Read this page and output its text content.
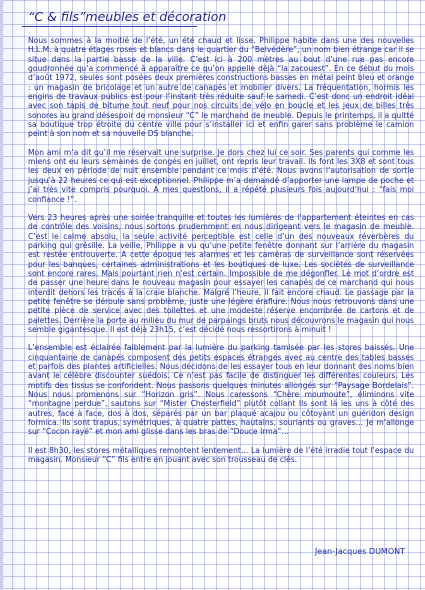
“C & fils”meubles et décoration

Nous sommes à la moitié de l’été, un été chaud et lisse. Philippe habite dans une des nouvelles H.L.M. à quatre étages roses et blancs dans le quartier du “Belvédère”, un nom bien étrange car il se situe dans la partie basse de la ville. C’est ici à 200 mètres au bout d’une rue pas encore goudronnée qu’a commencé à apparaître ce qu’on appelle déjà “la zacouest”. En ce début du mois d’août 1972, seules sont posées deux premières constructions basses en métal peint bleu et orange : un magasin de bricolage et un autre de canapés et mobilier divers. La fréquentation, hormis les engins de travaux publics est pour l’instant très réduite sauf le samedi. C’est donc un endroit idéal avec son tapis de bitume tout neuf pour nos circuits de vélo en boucle et les jeux de billes très sonores au grand désespoir de monsieur “C” le marchand de meuble. Depuis le printemps, il a quitté sa boutique trop étroite du centre ville pour s’installer ici et enfin garer sans problème le camion peint à son nom et sa nouvelle DS blanche.

Mon ami m’a dit qu’il me réservait une surprise. Je dors chez lui ce soir. Ses parents qui comme les miens ont eu leurs semaines de congés en juillet, ont repris leur travail. Ils font les 3X8 et sont tous les deux en période de nuit ensemble pendant ce mois d’été. Nous avons l’autorisation de sortie jusqu’à 22 heures ce qui est exceptionnel. Philippe m’a demandé d’apporter une lampe de poche et j’ai très vite compris pourquoi. A mes questions, il a répété plusieurs fois aujourd’hui : “fais moi confiance !”.

Vers 23 heures après une soirée tranquille et toutes les lumières de l’appartement éteintes en cas de contrôle des voisins, nous sortons prudemment en nous dirigeant vers le magasin de meuble. C’est le calme absolu, la seule activité perceptible est celle d’un des nouveaux réverbères du parking qui grésille. La veille, Philippe a vu qu’une petite fenêtre donnant sur l’arrière du magasin est restée entrouverte. A cette époque les alarmes et les caméras de surveillance sont réservées pour les banques, certaines administrations et les boutiques de luxe. Les sociétés de surveillance sont encore rares. Mais pourtant rien n’est certain. Impossible de me dégonfler. Le mot d’ordre est de passer une heure dans le nouveau magasin pour essayer les canapés de ce marchand qui nous interdit dehors les tracés à la craie blanche. Malgré l’heure, il fait encore chaud. Le passage par la petite fenêtre se déroule sans problème, juste une légère éraflure. Nous nous retrouvons dans une petite pièce de service avec des toilettes et une modeste réserve encombrée de cartons et de palettes. Derrière la porte au milieu du mur de parpaings bruts nous découvrons le magasin qui nous semble gigantesque. Il est déjà 23h15, c’est décidé nous ressortirons à minuit !

L’ensemble est éclairée faiblement par la lumière du parking tamisée par les stores baissés. Une cinquantaine de canapés composent des petits espaces étranges avec au centre des tables basses et parfois des plantes artificielles. Nous décidons de les essayer tous en leur donnant des noms bien avant le célèbre discounter suédois. Ce n’est pas facile de distinguer les différentes couleurs. Les motifs des tissus se confondent. Nous passons quelques minutes allongés sur “Paysage Bordelais”. Nous nous promenons sur “Horizon gris”. Nous caressons “Chère moumoute”, éliminons vite “montagne perdue”, sautons sur “Mister Chesterfield” plutôt collant Ils sont là les uns à côté des autres, face à face, dos à dos, séparés par un bar plaqué acajou ou côtoyant un guéridon design formica. Ils sont trapus, symétriques, à quatre pattes, hautains, souriants ou graves… Je m’allonge sur “Cocon rayé” et mon ami glisse dans les bras de “Douce Irma”…

Il est 8h30, les stores métalliques remontent lentement… La lumière de l’été irradie tout l’espace du magasin. Monsieur “C” fils entre en jouant avec son trousseau de clés.

Jean-Jacques DUMONT
